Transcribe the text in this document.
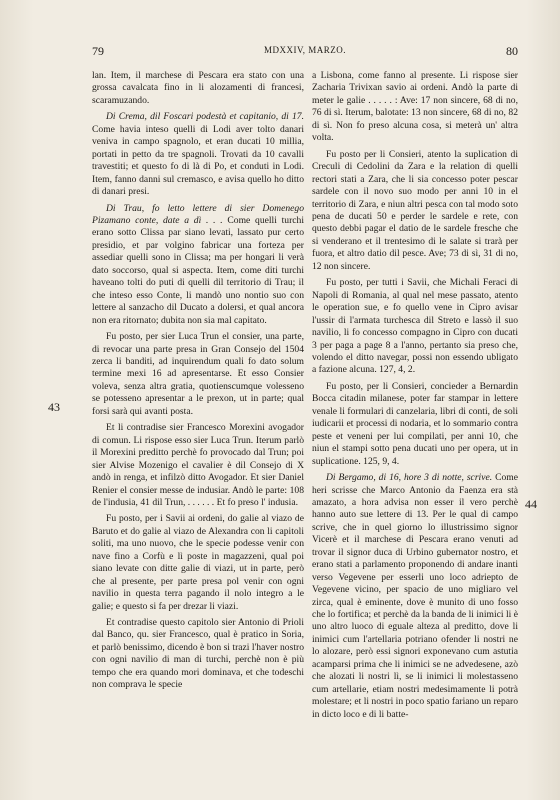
79	MDXXIV, MARZO.	80
43
44

lan. Item, il marchese di Pescara era stato con una grossa cavalcata fino in li alozamenti di francesi, scaramuzando.

Di Crema, dil Foscari podestà et capitanio, di 17. Come havia inteso quelli di Lodi aver tolto danari veniva in campo spagnolo, et eran ducati 10 millia, portati in petto da tre spagnoli. Trovati da 10 cavalli travestiti; et questo fo di là di Po, et conduti in Lodi. Item, fanno danni sul cremasco, e avisa quello ho ditto di danari presi.

Di Trau, fo letto lettere di sier Domenego Pizamano conte, date a dì . . . Come quelli turchi erano sotto Clissa par siano levati, lassato pur certo presidio, et par volgino fabricar una forteza per assediar quelli sono in Clissa; ma per hongari li verà dato soccorso, qual si aspecta. Item, come diti turchi haveano tolti do puti di quelli dil territorio di Trau; il che inteso esso Conte, li mandò uno nontio suo con lettere al sanzacho dil Ducato a dolersi, et qual ancora non era ritornato; dubita non sia mal capitato.

Fu posto, per sier Luca Trun el consier, una parte, di revocar una parte presa in Gran Consejo del 1504 zerca li banditi, ad inquirendum quali fo dato solum termine mexi 16 ad apresentarse. Et esso Consier voleva, senza altra gratia, quotienscumque volesseno se potesseno apresentar a le prexon, ut in parte; qual forsi sarà qui avanti posta.

Et li contradise sier Francesco Morexini avogador di comun. Li rispose esso sier Luca Trun. Iterum parlò il Morexini preditto perchè fo provocado dal Trun; poi sier Alvise Mozenigo el cavalier è dil Consejo di X andò in renga, et infilzò ditto Avogador. Et sier Daniel Renier el consier messe de indusiar. Andò le parte: 108 de l'indusia, 41 dil Trun, . . . . . . Et fo preso l' indusia.

Fu posto, per i Savii ai ordeni, do galie al viazo de Baruto et do galie al viazo de Alexandra con li capitoli soliti, ma uno nuovo, che le specie podesse venir con nave fino a Corfù e lì poste in magazzeni, qual poi siano levate con ditte galie di viazi, ut in parte, però che al presente, per parte presa pol venir con ogni navilio in questa terra pagando il nolo integro a le galie; e questo si fa per drezar li viazi.

Et contradise questo capitolo sier Antonio di Prioli dal Banco, qu. sier Francesco, qual è pratico in Soria, et parlò benissimo, dicendo è bon si trazi l'haver nostro con ogni navilio di man di turchi, perchè non è più tempo che era quando mori dominava, et che todeschi non comprava le specie

a Lisbona, come fanno al presente. Li rispose sier Zacharia Trivixan savio ai ordeni. Andò la parte di meter le galie . . . . . : Ave: 17 non sincere, 68 di no, 76 di sì. Iterum, balotate: 13 non sincere, 68 di no, 82 di sì. Non fo preso alcuna cosa, si meterà un' altra volta.

Fu posto per li Consieri, atento la suplication di Creculi di Cedolini da Zara e la relation di quelli rectori stati a Zara, che li sia concesso poter pescar sardele con il novo suo modo per anni 10 in el territorio di Zara, e niun altri pesca con tal modo soto pena de ducati 50 e perder le sardele e rete, con questo debbi pagar el datio de le sardele fresche che si venderano et il trentesimo di le salate si trarà per fuora, et altro datio dil pesce. Ave; 73 di sì, 31 di no, 12 non sincere.

Fu posto, per tutti i Savii, che Michali Feraci di Napoli di Romania, al qual nel mese passato, atento le operation sue, e fo quello vene in Cipro avisar l'ussir di l'armata turchesca dil Streto e lassò il suo navilio, li fo concesso compagno in Cipro con ducati 3 per paga a page 8 a l'anno, pertanto sia preso che, volendo el ditto navegar, possi non essendo ubligato a fazione alcuna. 127, 4, 2.

Fu posto, per li Consieri, concieder a Bernardin Bocca citadin milanese, poter far stampar in lettere venale li formulari di canzelaria, libri di conti, de soli iudicarii et processi di nodaria, et lo sommario contra peste et veneni per lui compilati, per anni 10, che niun el stampi sotto pena ducati uno per opera, ut in suplicatione. 125, 9, 4.

Di Bergamo, di 16, hore 3 di notte, scrive. Come heri scrisse che Marco Antonio da Faenza era stà amazato, a hora advisa non esser il vero perchè hanno auto sue lettere di 13. Per le qual di campo scrive, che in quel giorno lo illustrissimo signor Vicerè et il marchese di Pescara erano venuti ad trovar il signor duca di Urbino gubernator nostro, et erano stati a parlamento proponendo di andare inanti verso Vegevene per esserli uno loco adriepto de Vegevene vicino, per spacio de uno migliaro vel zirca, qual è eminente, dove è munito di uno fosso che lo fortifica; et perchè da la banda de li inimici li è uno altro luoco di eguale alteza al preditto, dove li inimici cum l'artellaria potriano ofender li nostri ne lo alozare, però essi signori exponevano cum astutia acamparsi prima che li inimici se ne advedesene, azò che alozati li nostri lì, se li inimici li molestasseno cum artellarie, etiam nostri medesimamente li potrà molestare; et li nostri in poco spatio fariano un reparo in dicto loco e di li batte-
